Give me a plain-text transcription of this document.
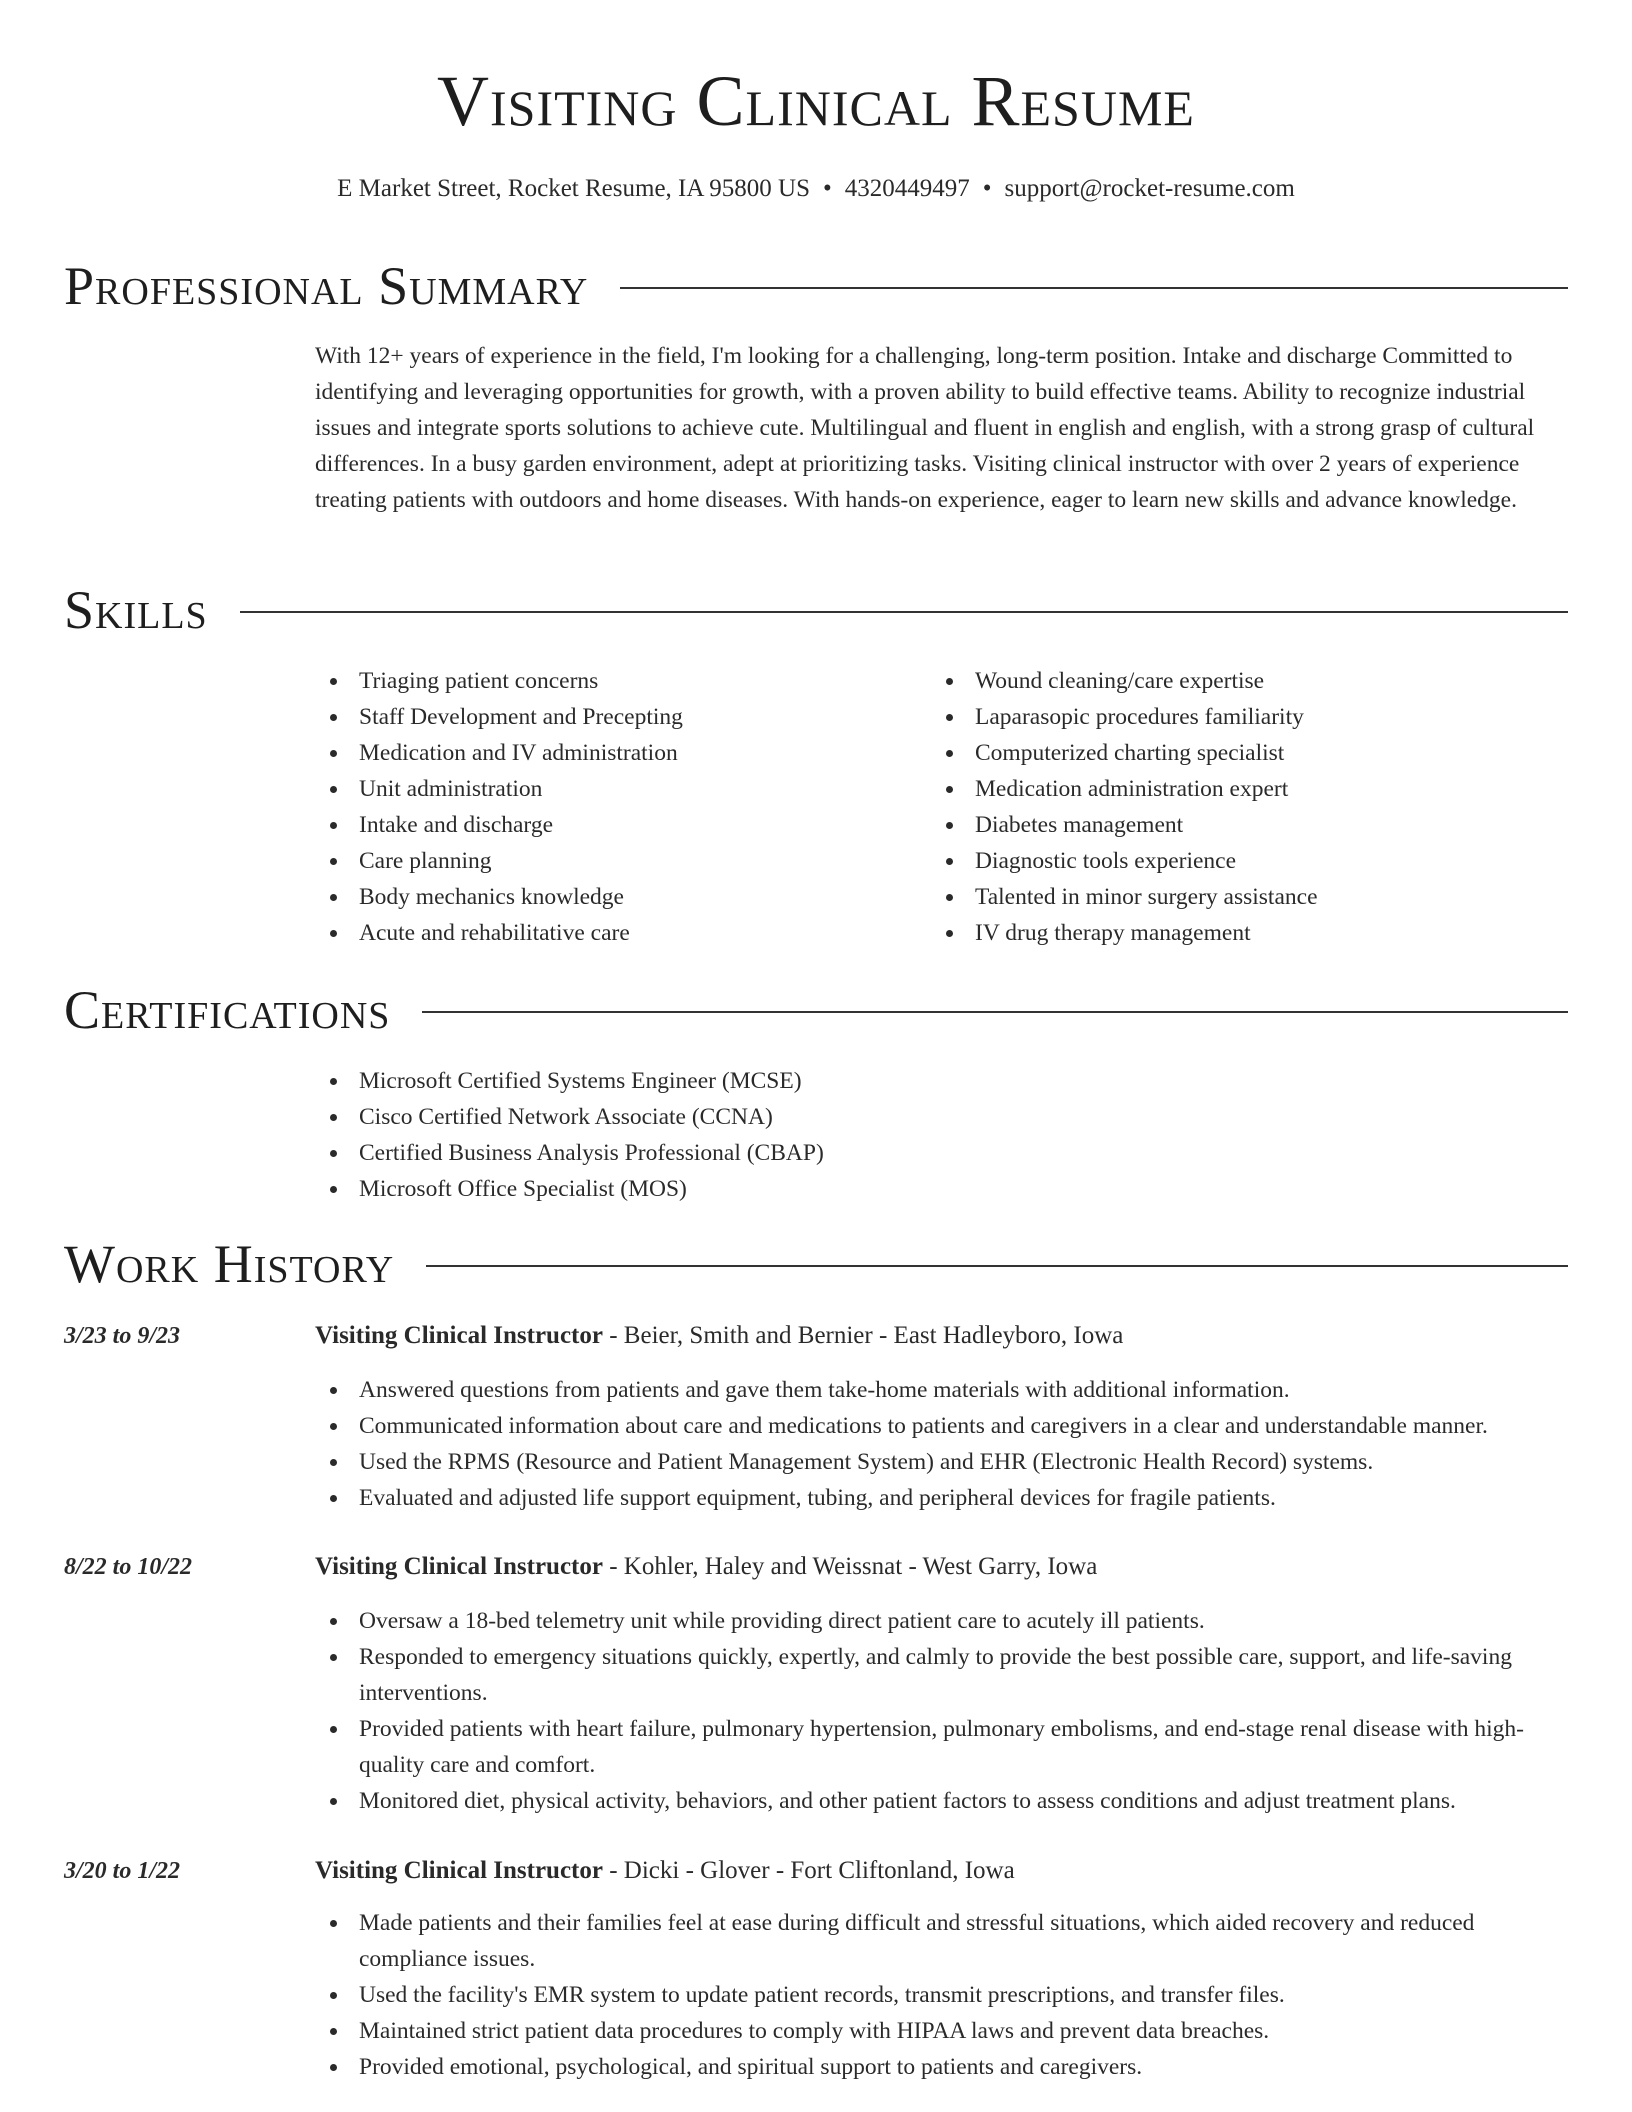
Visiting Clinical Resume
E Market Street, Rocket Resume, IA 95800 US • 4320449497 • support@rocket-resume.com
Professional Summary
With 12+ years of experience in the field, I'm looking for a challenging, long-term position. Intake and discharge Committed to identifying and leveraging opportunities for growth, with a proven ability to build effective teams. Ability to recognize industrial issues and integrate sports solutions to achieve cute. Multilingual and fluent in english and english, with a strong grasp of cultural differences. In a busy garden environment, adept at prioritizing tasks. Visiting clinical instructor with over 2 years of experience treating patients with outdoors and home diseases. With hands-on experience, eager to learn new skills and advance knowledge.
Skills
Triaging patient concerns
Staff Development and Precepting
Medication and IV administration
Unit administration
Intake and discharge
Care planning
Body mechanics knowledge
Acute and rehabilitative care
Wound cleaning/care expertise
Laparasopic procedures familiarity
Computerized charting specialist
Medication administration expert
Diabetes management
Diagnostic tools experience
Talented in minor surgery assistance
IV drug therapy management
Certifications
Microsoft Certified Systems Engineer (MCSE)
Cisco Certified Network Associate (CCNA)
Certified Business Analysis Professional (CBAP)
Microsoft Office Specialist (MOS)
Work History
3/23 to 9/23	Visiting Clinical Instructor - Beier, Smith and Bernier - East Hadleyboro, Iowa
Answered questions from patients and gave them take-home materials with additional information.
Communicated information about care and medications to patients and caregivers in a clear and understandable manner.
Used the RPMS (Resource and Patient Management System) and EHR (Electronic Health Record) systems.
Evaluated and adjusted life support equipment, tubing, and peripheral devices for fragile patients.
8/22 to 10/22	Visiting Clinical Instructor - Kohler, Haley and Weissnat - West Garry, Iowa
Oversaw a 18-bed telemetry unit while providing direct patient care to acutely ill patients.
Responded to emergency situations quickly, expertly, and calmly to provide the best possible care, support, and life-saving interventions.
Provided patients with heart failure, pulmonary hypertension, pulmonary embolisms, and end-stage renal disease with high-quality care and comfort.
Monitored diet, physical activity, behaviors, and other patient factors to assess conditions and adjust treatment plans.
3/20 to 1/22	Visiting Clinical Instructor - Dicki - Glover - Fort Cliftonland, Iowa
Made patients and their families feel at ease during difficult and stressful situations, which aided recovery and reduced compliance issues.
Used the facility's EMR system to update patient records, transmit prescriptions, and transfer files.
Maintained strict patient data procedures to comply with HIPAA laws and prevent data breaches.
Provided emotional, psychological, and spiritual support to patients and caregivers.
